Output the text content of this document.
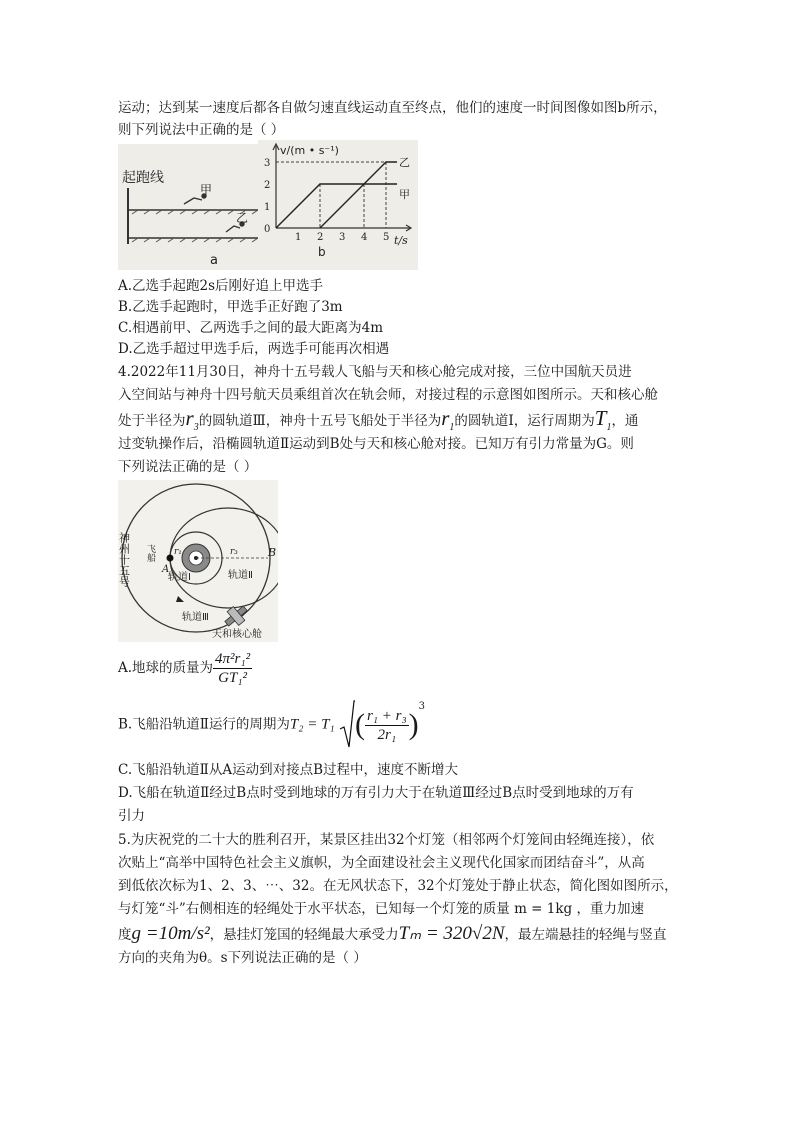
运动；达到某一速度后都各自做匀速直线运动直至终点，他们的速度一时间图像如图b所示，
则下列说法中正确的是（ ）
起跑线
甲
乙
a
v/(m • s⁻¹)
t/s
b
甲
乙
3
2
1
0
1 2 3 4 5
A.乙选手起跑2s后刚好追上甲选手
B.乙选手起跑时，甲选手正好跑了3m
C.相遇前甲、乙两选手之间的最大距离为4m
D.乙选手超过甲选手后，两选手可能再次相遇
4.2022年11月30日，神舟十五号载人飞船与天和核心舱完成对接，三位中国航天员进
入空间站与神舟十四号航天员乘组首次在轨会师，对接过程的示意图如图所示。天和核心舱
处于半径为$r_3$的圆轨道Ⅲ，神舟十五号飞船处于半径为$r_1$的圆轨道Ⅰ，运行周期为$T_1$，通
过变轨操作后，沿椭圆轨道Ⅱ运动到B处与天和核心舱对接。已知万有引力常量为G。则
下列说法正确的是（ ）
神州十五号 飞船
A
B
r₁	r₃
轨道Ⅰ	轨道Ⅱ
轨道Ⅲ
天和核心舱
A.地球的质量为 $\frac{\text{4π²r₁²}}{\text{GT₁²}}$
B.飞船沿轨道Ⅱ运行的周期为T₂ = T₁ ( $\frac{\text{r₁ + r₃}}{\text{2r₁}} )^3$
C.飞船沿轨道Ⅱ从A运动到对接点B过程中，速度不断增大
D.飞船在轨道Ⅱ经过B点时受到地球的万有引力大于在轨道Ⅲ经过B点时受到地球的万有
引力
5.为庆祝党的二十大的胜利召开，某景区挂出32个灯笼（相邻两个灯笼间由轻绳连接），依
次贴上“高举中国特色社会主义旗帜，为全面建设社会主义现代化国家而团结奋斗”，从高
到低依次标为1、2、3、⋯、32。在无风状态下，32个灯笼处于静止状态，简化图如图所示，
与灯笼“斗”右侧相连的轻绳处于水平状态，已知每一个灯笼的质量 m = 1kg ，重力加速
度g =10m/s²，悬挂灯笼国的轻绳最大承受力Tₘ = 320√2N，最左端悬挂的轻绳与竖直
方向的夹角为θ。s下列说法正确的是（ ）
